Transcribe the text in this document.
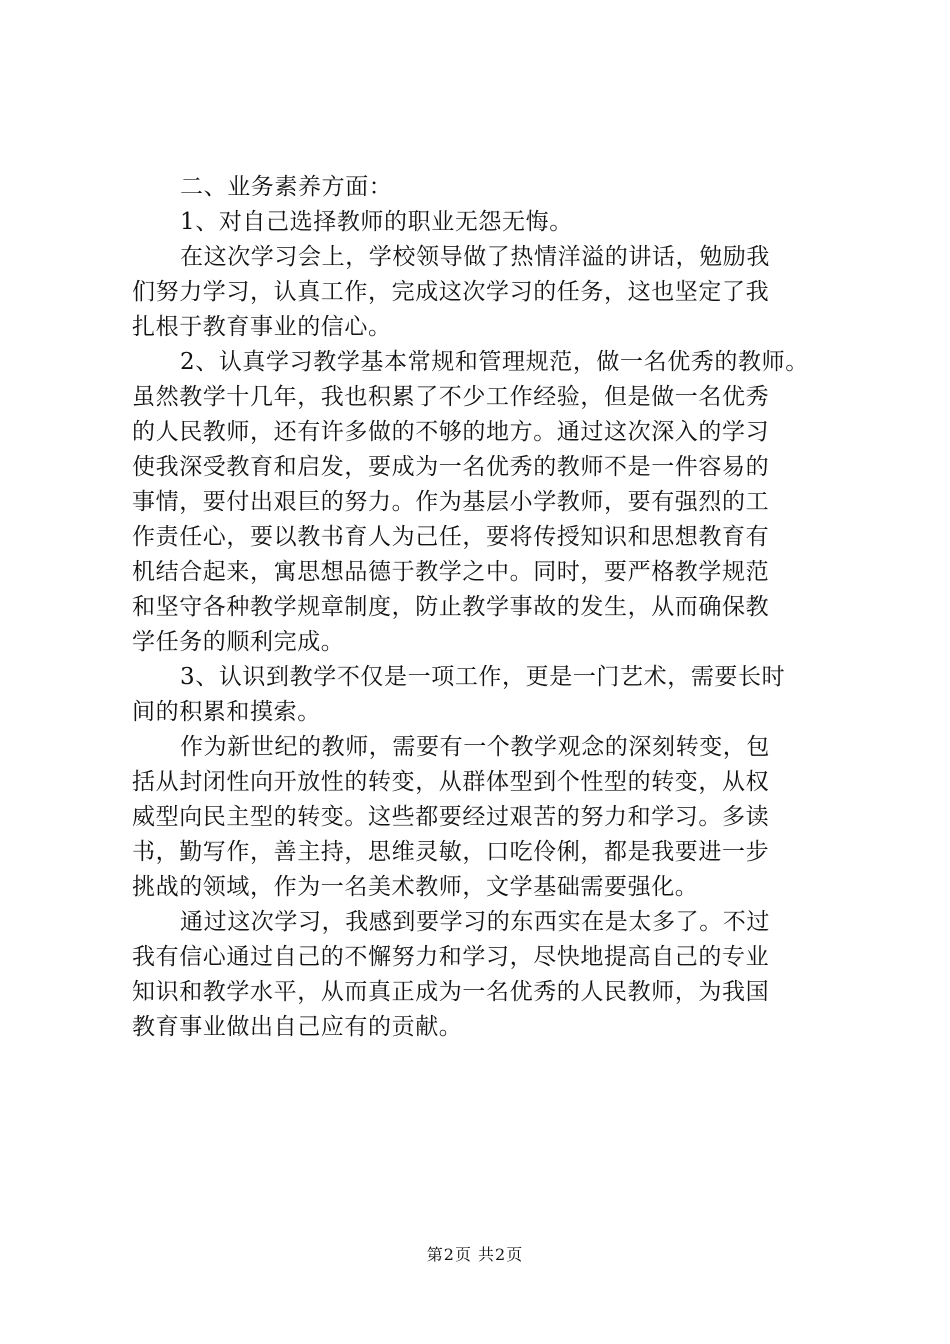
二、业务素养方面：
1、对自己选择教师的职业无怨无悔。
在这次学习会上，学校领导做了热情洋溢的讲话，勉励我
们努力学习，认真工作，完成这次学习的任务，这也坚定了我
扎根于教育事业的信心。
2、认真学习教学基本常规和管理规范，做一名优秀的教师。
虽然教学十几年，我也积累了不少工作经验，但是做一名优秀
的人民教师，还有许多做的不够的地方。通过这次深入的学习
使我深受教育和启发，要成为一名优秀的教师不是一件容易的
事情，要付出艰巨的努力。作为基层小学教师，要有强烈的工
作责任心，要以教书育人为己任，要将传授知识和思想教育有
机结合起来，寓思想品德于教学之中。同时，要严格教学规范
和坚守各种教学规章制度，防止教学事故的发生，从而确保教
学任务的顺利完成。
3、认识到教学不仅是一项工作，更是一门艺术，需要长时
间的积累和摸索。
作为新世纪的教师，需要有一个教学观念的深刻转变，包
括从封闭性向开放性的转变，从群体型到个性型的转变，从权
威型向民主型的转变。这些都要经过艰苦的努力和学习。多读
书，勤写作，善主持，思维灵敏，口吃伶俐，都是我要进一步
挑战的领域，作为一名美术教师，文学基础需要强化。
通过这次学习，我感到要学习的东西实在是太多了。不过
我有信心通过自己的不懈努力和学习，尽快地提高自己的专业
知识和教学水平，从而真正成为一名优秀的人民教师，为我国
教育事业做出自己应有的贡献。
第2页 共2页
